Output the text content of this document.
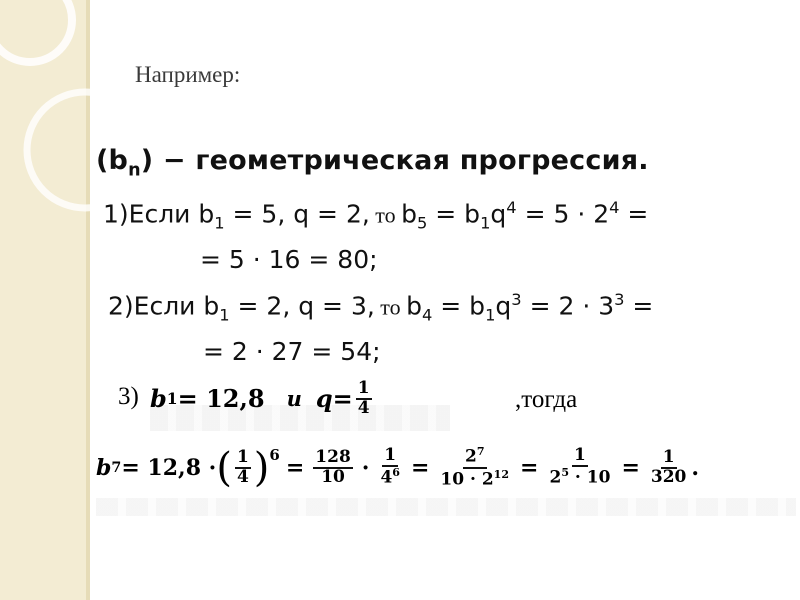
Например:
$(b_n)$ − геометрическая прогрессия.
1)Если $b_1 = 5$, q = 2, то $b_5 = b_1q^4 = 5 \cdot 2^4$ =
= 5 · 16 = 80;
2)Если $b_1 = 2$, q = 3, то $b_4 = b_1q^3 = 2 \cdot 3^3$ =
= 2 · 27 = 54;
3) b 1 = 12,8 и $q = \frac{1}{4}$	,тогда
b 7 = 12,8 · ( $\frac{1}{4} )^6 = \frac{128}{10} \cdot \frac{1}{4^6} = \frac{2^7}{10 \cdot 2^{12}} = \frac{1}{2^5 \cdot 10} = \frac{1}{320}$ .
